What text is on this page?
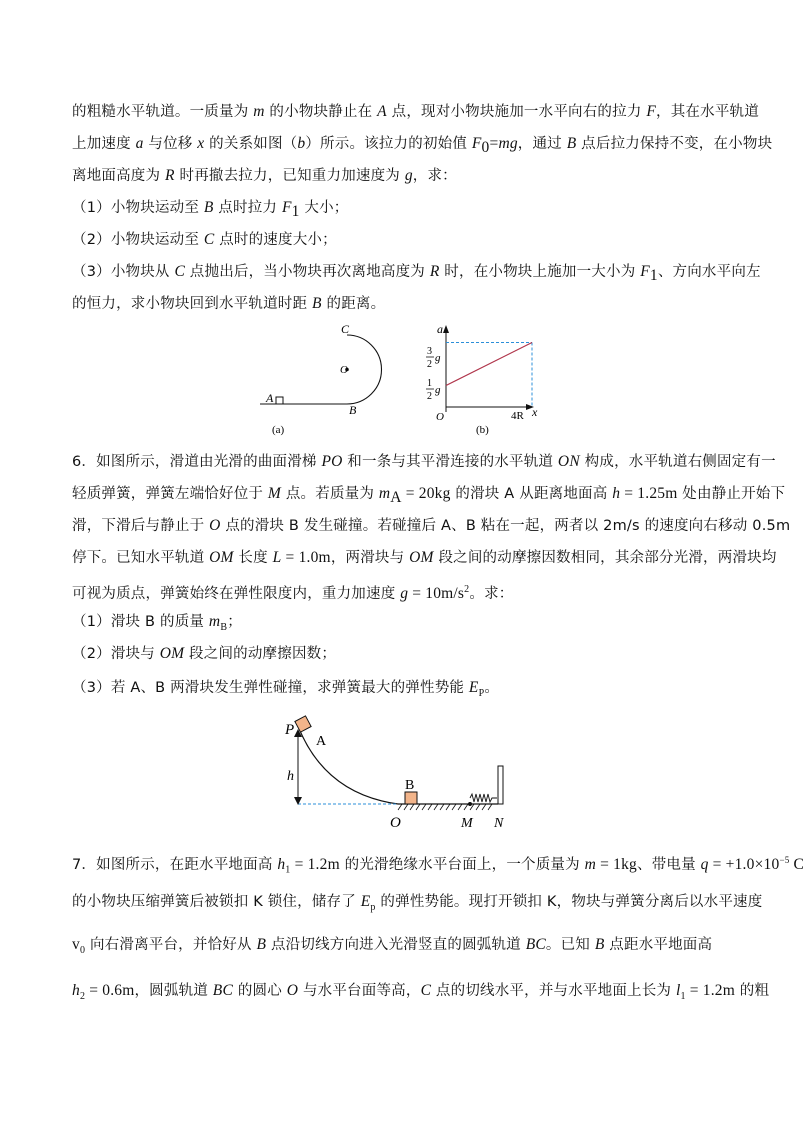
的粗糙水平轨道。一质量为 m 的小物块静止在 A 点，现对小物块施加一水平向右的拉力 F，其在水平轨道
上加速度 a 与位移 x 的关系如图（b）所示。该拉力的初始值 $F_0=mg$，通过 B 点后拉力保持不变，在小物块
离地面高度为 R 时再撤去拉力，已知重力加速度为 g，求：
（1）小物块运动至 B 点时拉力 $F_1$ 大小；
（2）小物块运动至 C 点时的速度大小；
（3）小物块从 C 点抛出后，当小物块再次离地高度为 R 时，在小物块上施加一大小为 $F_1$、方向水平向左
的恒力，求小物块回到水平轨道时距 B 的距离。
A
C
O
B
(a)
a
x
3
2
g
1
2
g
O	4R
(b)
6．如图所示，滑道由光滑的曲面滑梯 PO 和一条与其平滑连接的水平轨道 ON 构成，水平轨道右侧固定有一
轻质弹簧，弹簧左端恰好位于 M 点。若质量为 $m_A = 20kg$ 的滑块 A 从距离地面高 h = 1.25m 处由静止开始下
滑，下滑后与静止于 O 点的滑块 B 发生碰撞。若碰撞后 A、B 粘在一起，两者以 2m/s 的速度向右移动 0.5m
停下。已知水平轨道 OM 长度 L = 1.0m，两滑块与 OM 段之间的动摩擦因数相同，其余部分光滑，两滑块均
可视为质点，弹簧始终在弹性限度内，重力加速度 $g = 10m/s^2$。求：
（1）滑块 B 的质量 $m_B$；
（2）滑块与 OM 段之间的动摩擦因数；
（3）若 A、B 两滑块发生弹性碰撞，求弹簧最大的弹性势能 $E_P$。
P
A
h
B
O	M N
7．如图所示，在距水平地面高 $h_1 = 1.2m$ 的光滑绝缘水平台面上，一个质量为 m = 1kg、带电量 $q = +1.0\times 10^{-5}$ C
的小物块压缩弹簧后被锁扣 K 锁住，储存了 $E_p$ 的弹性势能。现打开锁扣 K，物块与弹簧分离后以水平速度
$v_0$ 向右滑离平台，并恰好从 B 点沿切线方向进入光滑竖直的圆弧轨道 BC。已知 B 点距水平地面高
$h_2 = 0.6m$，圆弧轨道 BC 的圆心 O 与水平台面等高，C 点的切线水平，并与水平地面上长为 $l_1 = 1.2m$ 的粗
